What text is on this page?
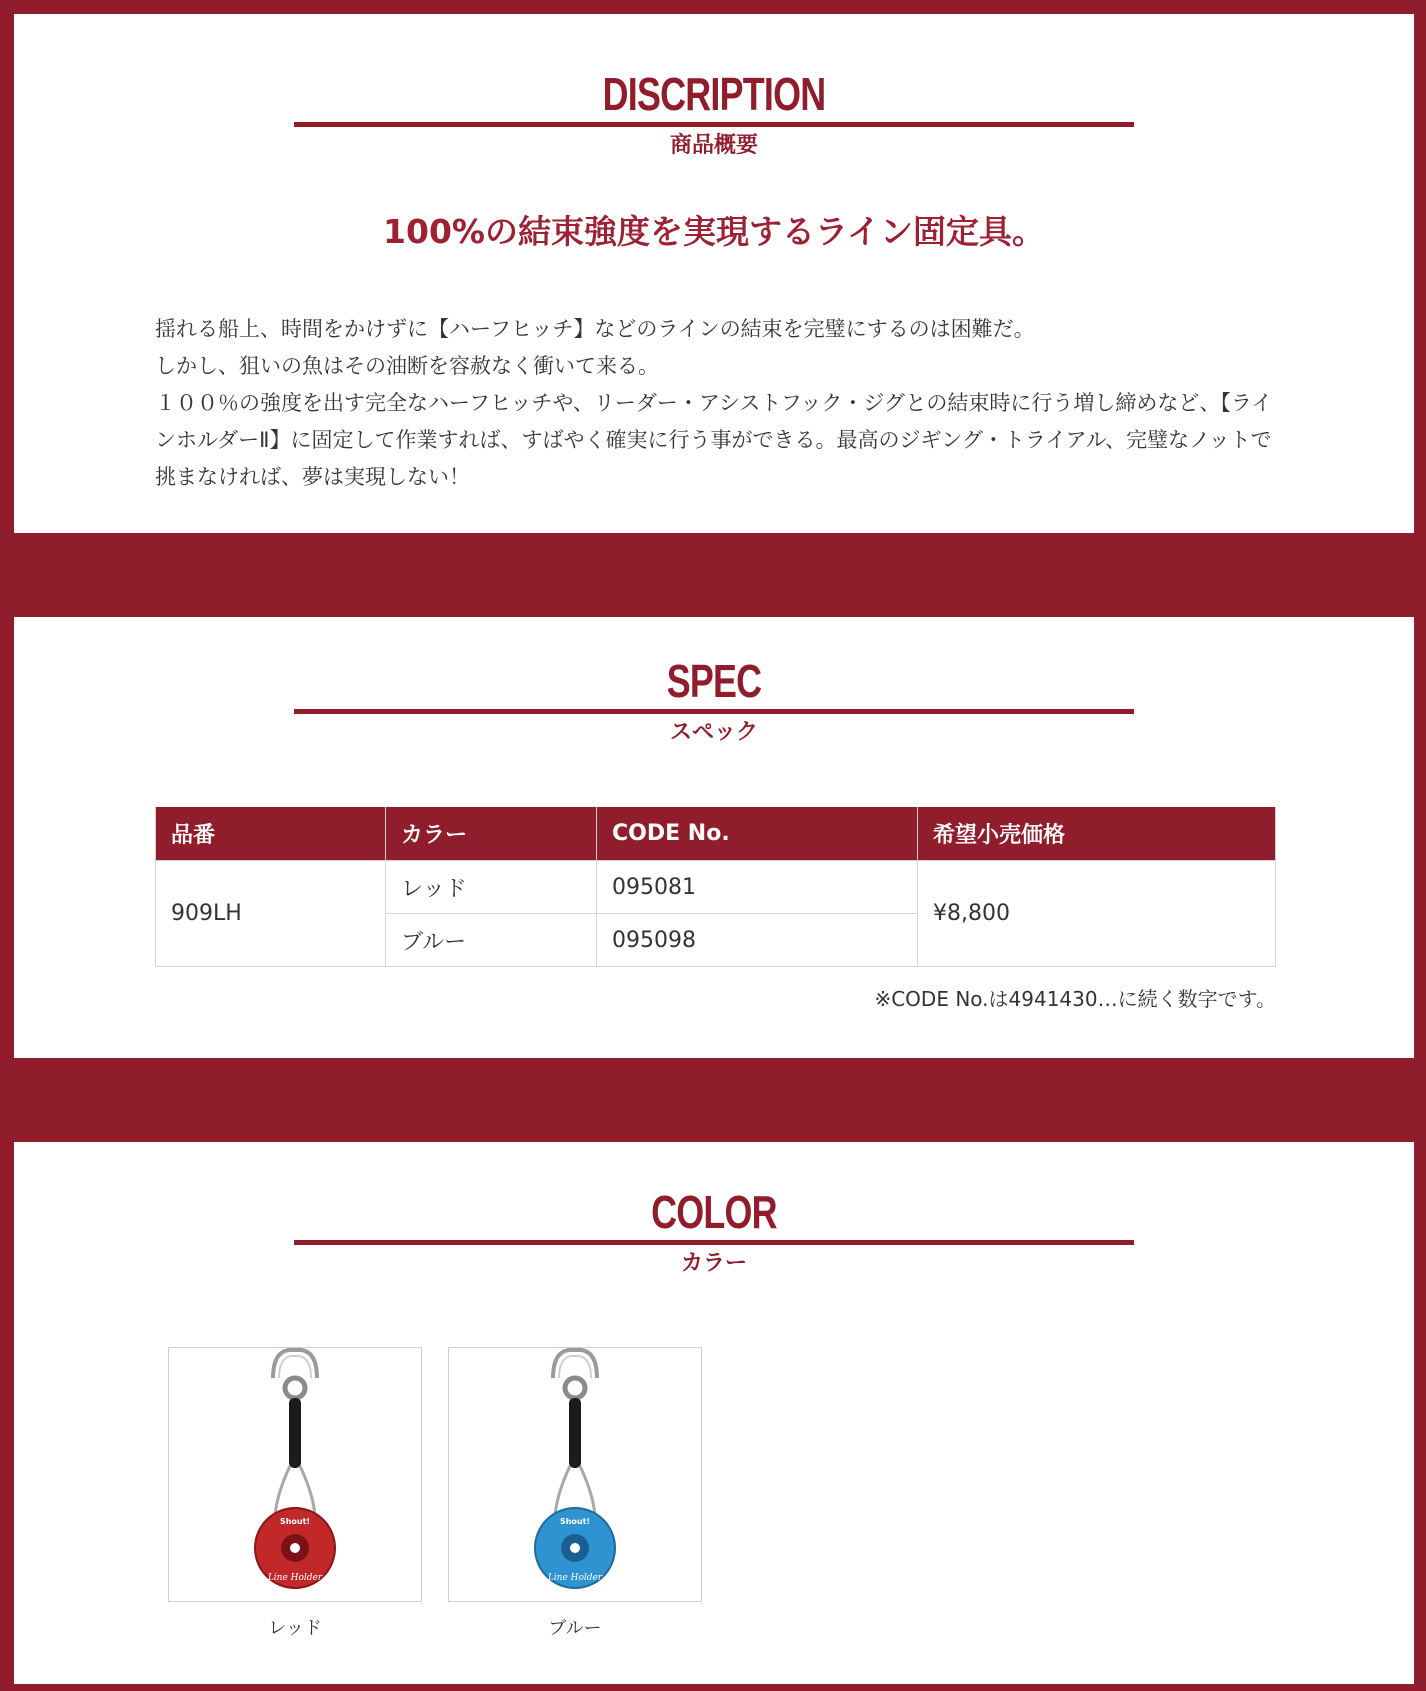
DISCRIPTION
商品概要
100%の結束強度を実現するライン固定具。

揺れる船上、時間をかけずに【ハーフヒッチ】などのラインの結束を完璧にするのは困難だ。

しかし、狙いの魚はその油断を容赦なく衝いて来る。

１００％の強度を出す完全なハーフヒッチや、リーダー・アシストフック・ジグとの結束時に行う増し締めなど、【ラインホルダーⅡ】に固定して作業すれば、すばやく確実に行う事ができる。最高のジギング・トライアル、完璧なノットで挑まなければ、夢は実現しない！

SPEC
スペック
品番	カラー	CODE No.	希望小売価格
909LH	レッド	095081	¥8,800
	ブルー	095098	
※CODE No.は4941430…に続く数字です。
COLOR
カラー
Shout!
Line Holder
レッド
Shout!
Line Holder
ブルー
